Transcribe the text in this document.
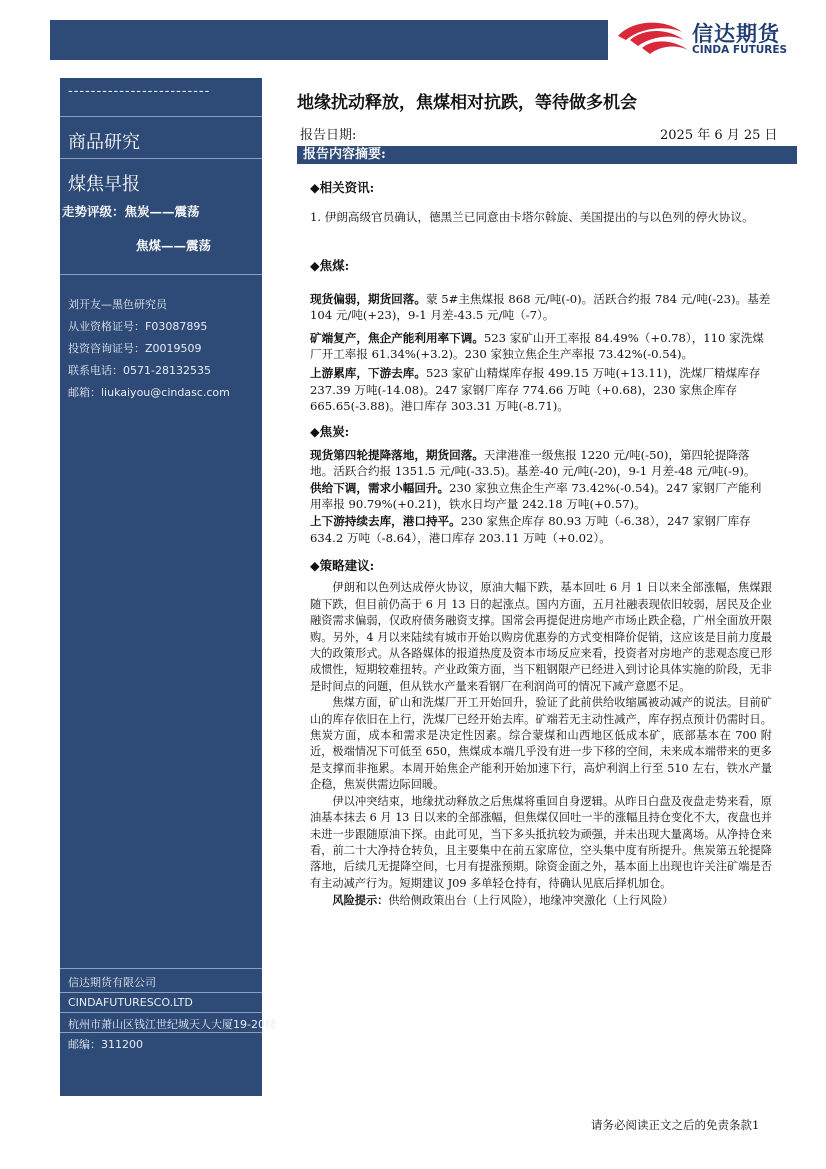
信达期货
CINDA FUTURES
-------------------------
商品研究
煤焦早报
走势评级：焦炭——震荡
焦煤——震荡
刘开友—黑色研究员
从业资格证号：F03087895
投资咨询证号：Z0019509
联系电话：0571-28132535
邮箱：liukaiyou@cindasc.com
信达期货有限公司
CINDAFUTURESCO.LTD
杭州市萧山区钱江世纪城天人大厦19-20楼
邮编：311200
地缘扰动释放，焦煤相对抗跌，等待做多机会
报告日期:	2025 年 6 月 25 日
报告内容摘要:

◆相关资讯:

1. 伊朗高级官员确认，德黑兰已同意由卡塔尔斡旋、美国提出的与以色列的停火协议。

◆焦煤:

现货偏弱，期货回落。蒙 5#主焦煤报 868 元/吨(-0)。活跃合约报 784 元/吨(-23)。基差 104 元/吨(+23)，9-1 月差-43.5 元/吨（-7）。

矿端复产，焦企产能利用率下调。523 家矿山开工率报 84.49%（+0.78），110 家洗煤厂开工率报 61.34%(+3.2)。230 家独立焦企生产率报 73.42%(-0.54)。

上游累库，下游去库。523 家矿山精煤库存报 499.15 万吨(+13.11)，洗煤厂精煤库存 237.39 万吨(-14.08)。247 家钢厂库存 774.66 万吨（+0.68)，230 家焦企库存 665.65(-3.88)。港口库存 303.31 万吨(-8.71)。

◆焦炭:

现货第四轮提降落地，期货回落。天津港准一级焦报 1220 元/吨(-50)，第四轮提降落地。活跃合约报 1351.5 元/吨(-33.5)。基差-40 元/吨(-20)，9-1 月差-48 元/吨(-9)。

供给下调，需求小幅回升。230 家独立焦企生产率 73.42%(-0.54)。247 家钢厂产能利用率报 90.79%(+0.21)，铁水日均产量 242.18 万吨(+0.57)。

上下游持续去库，港口持平。230 家焦企库存 80.93 万吨（-6.38），247 家钢厂库存 634.2 万吨（-8.64），港口库存 203.11 万吨（+0.02）。

◆策略建议:

伊朗和以色列达成停火协议，原油大幅下跌，基本回吐 6 月 1 日以来全部涨幅，焦煤跟随下跌，但目前仍高于 6 月 13 日的起涨点。国内方面，五月社融表现依旧较弱，居民及企业融资需求偏弱，仅政府债务融资支撑。国常会再提促进房地产市场止跌企稳，广州全面放开限购。另外，4 月以来陆续有城市开始以购房优惠券的方式变相降价促销，这应该是目前力度最大的政策形式。从各路媒体的报道热度及资本市场反应来看，投资者对房地产的悲观态度已形成惯性，短期较难扭转。产业政策方面，当下粗钢限产已经进入到讨论具体实施的阶段，无非是时间点的问题，但从铁水产量来看钢厂在利润尚可的情况下减产意愿不足。

焦煤方面，矿山和洗煤厂开工开始回升，验证了此前供给收缩属被动减产的说法。目前矿山的库存依旧在上行，洗煤厂已经开始去库。矿端若无主动性减产，库存拐点预计仍需时日。焦炭方面，成本和需求是决定性因素。综合蒙煤和山西地区低成本矿，底部基本在 700 附近，极端情况下可低至 650，焦煤成本端几乎没有进一步下移的空间，未来成本端带来的更多是支撑而非拖累。本周开始焦企产能利开始加速下行，高炉利润上行至 510 左右，铁水产量企稳，焦炭供需边际回暖。

伊以冲突结束，地缘扰动释放之后焦煤将重回自身逻辑。从昨日白盘及夜盘走势来看，原油基本抹去 6 月 13 日以来的全部涨幅，但焦煤仅回吐一半的涨幅且持仓变化不大，夜盘也并未进一步跟随原油下探。由此可见，当下多头抵抗较为顽强，并未出现大量离场。从净持仓来看，前二十大净持仓转负，且主要集中在前五家席位，空头集中度有所提升。焦炭第五轮提降落地，后续几无提降空间，七月有提涨预期。除资金面之外，基本面上出现也许关注矿端是否有主动减产行为。短期建议 J09 多单轻仓持有，待确认见底后择机加仓。

风险提示：供给侧政策出台（上行风险），地缘冲突激化（上行风险）

请务必阅读正文之后的免责条款1
